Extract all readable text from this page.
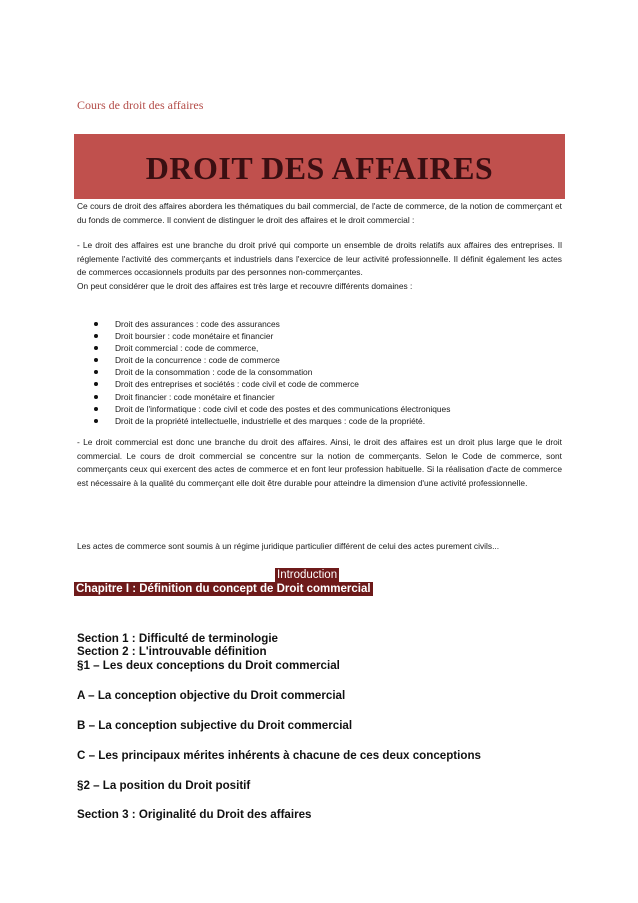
Cours de droit des affaires
DROIT DES AFFAIRES

Ce cours de droit des affaires abordera les thématiques du bail commercial, de l'acte de commerce, de la notion de commerçant et du fonds de commerce. Il convient de distinguer le droit des affaires et le droit commercial :

- Le droit des affaires est une branche du droit privé qui comporte un ensemble de droits relatifs aux affaires des entreprises. Il réglemente l'activité des commerçants et industriels dans l'exercice de leur activité professionnelle. Il définit également les actes de commerces occasionnels produits par des personnes non-commerçantes.
On peut considérer que le droit des affaires est très large et recouvre différents domaines :
Droit des assurances : code des assurances
Droit boursier : code monétaire et financier
Droit commercial : code de commerce,
Droit de la concurrence : code de commerce
Droit de la consommation : code de la consommation
Droit des entreprises et sociétés : code civil et code de commerce
Droit financier : code monétaire et financier
Droit de l'informatique : code civil et code des postes et des communications électroniques
Droit de la propriété intellectuelle, industrielle et des marques : code de la propriété.

- Le droit commercial est donc une branche du droit des affaires. Ainsi, le droit des affaires est un droit plus large que le droit commercial. Le cours de droit commercial se concentre sur la notion de commerçants. Selon le Code de commerce, sont commerçants ceux qui exercent des actes de commerce et en font leur profession habituelle. Si la réalisation d'acte de commerce est nécessaire à la qualité du commerçant elle doit être durable pour atteindre la dimension d'une activité professionnelle.

Les actes de commerce sont soumis à un régime juridique particulier différent de celui des actes purement civils...

Introduction
Chapitre I : Définition du concept de Droit commercial
Section 1 : Difficulté de terminologie
Section 2 : L'introuvable définition
§1 – Les deux conceptions du Droit commercial
A – La conception objective du Droit commercial
B – La conception subjective du Droit commercial
C – Les principaux mérites inhérents à chacune de ces deux conceptions
§2 – La position du Droit positif
Section 3 : Originalité du Droit des affaires
